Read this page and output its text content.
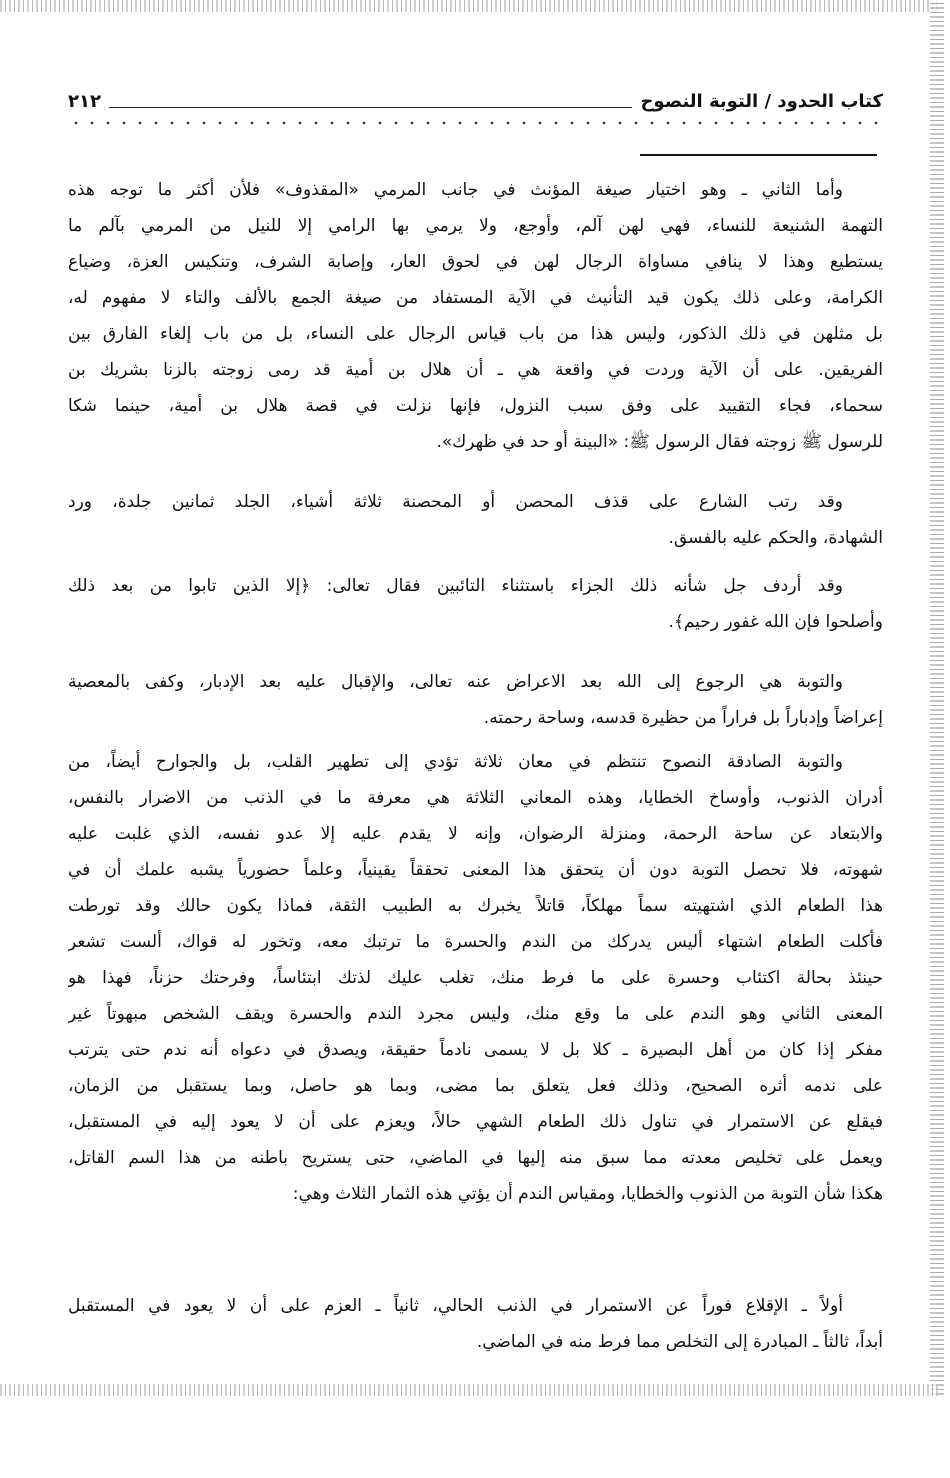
كتاب الحدود / التوبة النصوح
٢١٢
وأما الثاني ـ وهو اختيار صيغة المؤنث في جانب المرمي «المقذوف» فلأن أكثر ما توجه هذه
التهمة الشنيعة للنساء، فهي لهن آلم، وأوجع، ولا يرمي بها الرامي إلا للنيل من المرمي بآلم ما
يستطيع وهذا لا ينافي مساواة الرجال لهن في لحوق العار، وإصابة الشرف، وتنكيس العزة، وضياع
الكرامة، وعلى ذلك يكون قيد التأنيث في الآية المستفاد من صيغة الجمع بالألف والتاء لا مفهوم له،
بل مثلهن في ذلك الذكور، وليس هذا من باب قياس الرجال على النساء، بل من باب إلغاء الفارق بين
الفريقين. على أن الآية وردت في واقعة هي ـ أن هلال بن أمية قد رمى زوجته بالزنا بشريك بن
سحماء، فجاء التقييد على وفق سبب النزول، فإنها نزلت في قصة هلال بن أمية، حينما شكا
للرسول ﷺ زوجته فقال الرسول ﷺ: «البينة أو حد في ظهرك».
وقد رتب الشارع على قذف المحصن أو المحصنة ثلاثة أشياء، الجلد ثمانين جلدة، ورد
الشهادة، والحكم عليه بالفسق.
وقد أردف جل شأنه ذلك الجزاء باستثناء التائبين فقال تعالى: ﴿إلا الذين تابوا من بعد ذلك
وأصلحوا فإن الله غفور رحيم﴾.
والتوبة هي الرجوع إلى الله بعد الاعراض عنه تعالى، والإقبال عليه بعد الإدبار، وكفى بالمعصية
إعراضاً وإدباراً بل فراراً من حظيرة قدسه، وساحة رحمته.
والتوبة الصادقة النصوح تنتظم في معان ثلاثة تؤدي إلى تطهير القلب، بل والجوارح أيضاً، من
أدران الذنوب، وأوساخ الخطايا، وهذه المعاني الثلاثة هي معرفة ما في الذنب من الاضرار بالنفس،
والابتعاد عن ساحة الرحمة، ومنزلة الرضوان، وإنه لا يقدم عليه إلا عدو نفسه، الذي غلبت عليه
شهوته، فلا تحصل التوبة دون أن يتحقق هذا المعنى تحققاً يقينياً، وعلماً حضورياً يشبه علمك أن في
هذا الطعام الذي اشتهيته سماً مهلكاً، قاتلاً يخبرك به الطبيب الثقة، فماذا يكون حالك وقد تورطت
فأكلت الطعام اشتهاء أليس يدركك من الندم والحسرة ما ترتبك معه، وتخور له قواك، ألست تشعر
حينئذ بحالة اكتئاب وحسرة على ما فرط منك، تغلب عليك لذتك ابتئاساً، وفرحتك حزناً، فهذا هو
المعنى الثاني وهو الندم على ما وقع منك، وليس مجرد الندم والحسرة ويقف الشخص مبهوتاً غير
مفكر إذا كان من أهل البصيرة ـ كلا بل لا يسمى نادماً حقيقة، ويصدق في دعواه أنه ندم حتى يترتب
على ندمه أثره الصحيح، وذلك فعل يتعلق بما مضى، وبما هو حاصل، وبما يستقبل من الزمان،
فيقلع عن الاستمرار في تناول ذلك الطعام الشهي حالاً، ويعزم على أن لا يعود إليه في المستقبل،
ويعمل على تخليص معدته مما سبق منه إليها في الماضي، حتى يستريح باطنه من هذا السم القاتل،
هكذا شأن التوبة من الذنوب والخطايا، ومقياس الندم أن يؤتي هذه الثمار الثلاث وهي:
أولاً ـ الإقلاع فوراً عن الاستمرار في الذنب الحالي، ثانياً ـ العزم على أن لا يعود في المستقبل
أبداً، ثالثاً ـ المبادرة إلى التخلص مما فرط منه في الماضي.
